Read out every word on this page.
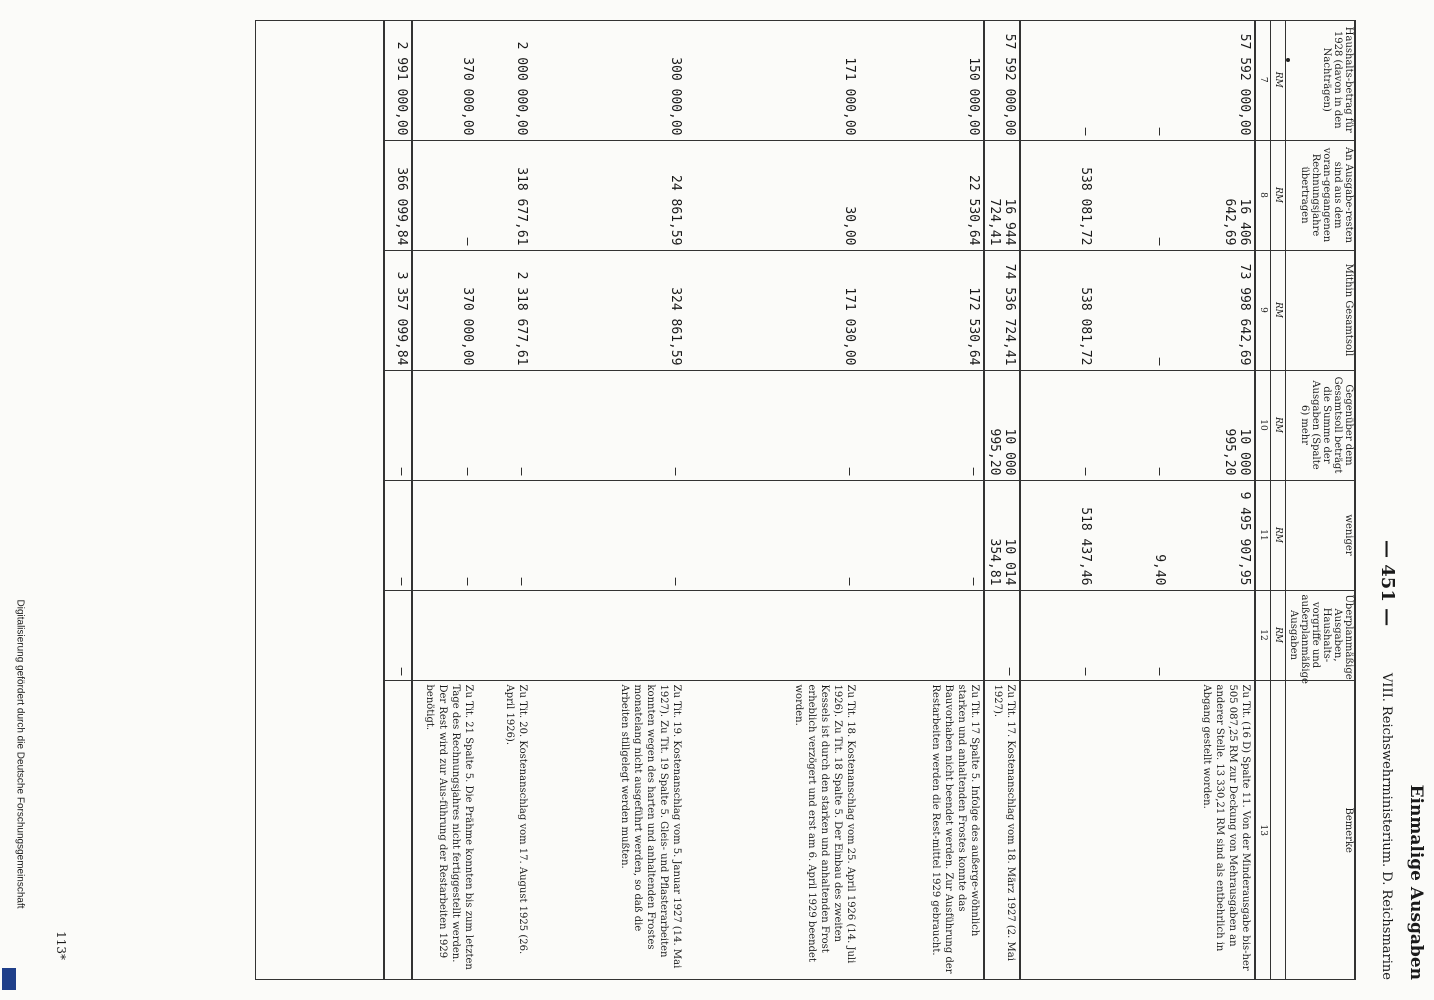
Einmalige Ausgaben
— 451 —
VIII. Reichswehrministerium. D. Reichsmarine
Haushalts-betrag für 1928 (davon in den Nachträgen)	An Ausgabe-resten sind aus dem voran-gegangenen Rechnungsjahre übertragen	Mithin Gesamtsoll	Gegenüber dem Gesamtsoll beträgt die Summe der Ausgaben (Spalte 6) mehr	weniger	Überplanmäßige Ausgaben, Haushalts-vorgriffe und außerplanmäßige Ausgaben	Bemerke
RM	RM	RM	RM	RM	RM	
7	8	9	10	11	12	13
57 592 000,00	16 406 642,69	73 998 642,69	10 000 995,20	9 495 907,95		Zu Tit. (16 D) Spalte 11. Von der Minderausgabe bis-her 505 087,25 RM zur Deckung von Mehrausgaben an anderer Stelle. 13 330,21 RM sind als entbehrlich in Abgang gestellt worden.
—	—	—	—	9,40	—	
—	538 081,72	538 081,72	—	518 437,46	—	
57 592 000,00	16 944 724,41	74 536 724,41	10 000 995,20	10 014 354,81	—	Zu Tit. 17. Kostenanschlag vom 18. März 1927 (2. Mai 1927).
150 000,00	22 530,64	172 530,64	—	—		Zu Tit. 17 Spalte 5. Infolge des außerge-wöhnlich starken und anhaltenden Frostes konnte das Bauvorhaben nicht beendet werden. Zur Ausführung der Restarbeiten werden die Rest-mittel 1929 gebraucht.
171 000,00	30,00	171 030,00	—	—		Zu Tit. 18. Kostenanschlag vom 25. April 1926 (14. Juli 1926). Zu Tit. 18 Spalte 5. Der Einbau des zweiten Kessels ist durch den starken und anhaltenden Frost erheblich verzögert und erst am 6. April 1929 beendet worden.
300 000,00	24 861,59	324 861,59	—	—		Zu Tit. 19. Kostenanschlag vom 5. Januar 1927 (14. Mai 1927). Zu Tit. 19 Spalte 5. Gleis- und Pflasterarbeiten konnten wegen des harten und anhaltenden Frostes monatelang nicht ausgeführt werden, so daß die Arbeiten stillgelegt werden mußten.
2 000 000,00	318 677,61	2 318 677,61	—	—		Zu Tit. 20. Kostenanschlag vom 17. August 1925 (26. April 1926).
370 000,00	—	370 000,00	—	—		Zu Tit. 21 Spalte 5. Die Prähme konnten bis zum letzten Tage des Rechnungsjahres nicht fertiggestellt werden. Der Rest wird zur Aus-führung der Restarbeiten 1929 benötigt.
2 991 000,00	366 099,84	3 357 099,84	—	—	—	
113*
Digitalisierung gefördert durch die Deutsche Forschungsgemeinschaft
